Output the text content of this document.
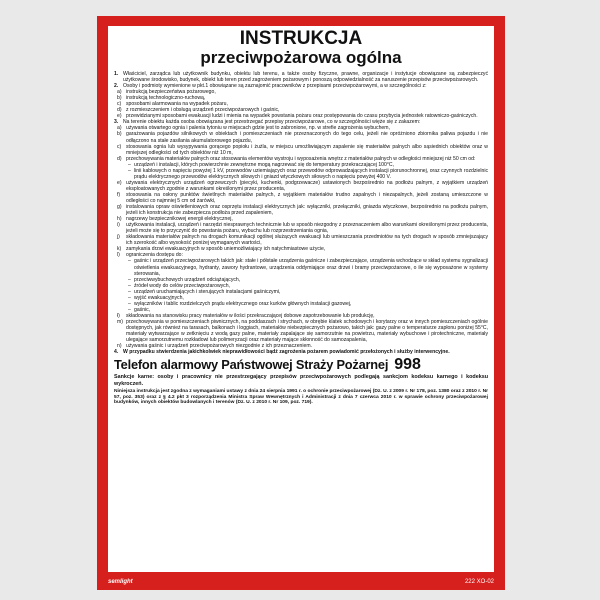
INSTRUKCJA
przeciwpożarowa ogólna
1. Właściciel, zarządca lub użytkownik budynku, obiektu lub terenu, a także osoby fizyczne, prawne, organizacje i instytucje obowiązane są zabezpieczyć użytkowane środowisko, budynek, obiekt lub teren przed zagrożeniem pożarowym i ponoszą odpowiedzialność za naruszenie przepisów przeciwpożarowych.
2. Osoby i podmioty wymienione w pkt.1 obowiązane są zaznajomić pracowników z przepisami przeciwpożarowymi, a w szczególności z:
a) instrukcją bezpieczeństwa pożarowego,
b) instrukcją technologiczno-ruchową,
c) sposobami alarmowania na wypadek pożaru,
d) z rozmieszczeniem i obsługą urządzeń przeciwpożarowych i gaśnic,
e) przewidzianymi sposobami ewakuacji ludzi i mienia na wypadek powstania pożaru oraz postępowania do czasu przybycia jednostek ratowniczo-gaśniczych.
3. Na terenie obiektu każda osoba obowiązana jest przestrzegać przepisy przeciwpożarowe, co w szczególności więże się z zakazem:
a) używania otwartego ognia i palenia tytoniu w miejscach gdzie jest to zabronione, np. w strefie zagrożenia wybuchem,
b) garażowania pojazdów silnikowych w obiektach i pomieszczeniach nie przeznaczonych do tego celu, jeżeli nie opróżniono zbiornika paliwa pojazdu i nie odłączono na stałe zasilania akumulatorowego pojazdu,
c) stosowania ognia lub wysypywania gorącego popiołu i żużla, w miejscu umożliwiającym zapalenie się materiałów palnych albo sąsiednich obiektów oraz w mniejszej odległości od tych obiektów niż 10 m,
d) przechowywania materiałów palnych oraz stosowania elementów wystroju i wyposażenia wnętrz z materiałów palnych w odległości mniejszej niż 50 cm od:
– urządzeń i instalacji, których powierzchnie zewnętrzne mogą nagrzewać się do temperatury przekraczającej 100°C,
– linii kablowych o napięciu powyżej 1 kV, przewodów uziemiających oraz przewodów odprowadzających instalacji piorunochronnej, oraz czynnych rozdzielnic prądu elektrycznego przewodów elektrycznych siłowych i gniazd wtyczkowych siłowych o napięciu powyżej 400 V.
e) używania elektrycznych urządzeń ogrzewczych (piecyki, kuchenki, podgrzewacze) ustawionych bezpośrednio na podłożu palnym, z wyjątkiem urządzeń eksploatowanych zgodnie z warunkami określonymi przez producenta,
f)	stosowania na osłony punktów świetlnych materiałów palnych, z wyjątkiem materiałów trudno zapalnych i niezapalnych, jeżeli zostaną umieszczone w odległości co najmniej 5 cm od żarówki,
g) instalowania opraw oświetleniowych oraz osprzętu instalacji elektrycznych jak: wyłączniki, przełączniki, gniazda wtyczkowe, bezpośrednio na podłożu palnym, jeżeli ich konstrukcja nie zabezpiecza podłoża przed zapaleniem,
h) nagrzewy bezpiecznikowej energii elektrycznej,
i)	użytkowania instalacji, urządzeń i narzędzi niesprawnych technicznie lub w sposób niezgodny z przeznaczeniem albo warunkami określonymi przez producenta, jeżeli może się to przyczynić do powstania pożaru, wybuchu lub rozprzestrzeniania ognia,
j)	składowania materiałów palnych na drogach komunikacji ogólnej służących ewakuacji lub umieszczania przedmiotów na tych drogach w sposób zmniejszający ich szerokość albo wysokość poniżej wymaganych wartości,
k) zamykania drzwi ewakuacyjnych w sposób uniemożliwiający ich natychmiastowe użycie,
l)	ograniczenia dostępu do:
– gaśnic i urządzeń przeciwpożarowych takich jak: stałe i półstałe urządzenia gaśnicze i zabezpieczające, urządzenia wchodzące w skład systemu sygnalizacji oświetlenia ewakuacyjnego, hydranty, zawory hydrantowe, urządzenia oddymiające oraz drzwi i bramy przeciwpożarowe, o ile się wyposażone w systemy sterowania,
– przeciwwybuchowych urządzeń odciążających,
– źródeł wody do celów przeciwpożarowych,
– urządzeń uruchamiających i sterujących instalacjami gaśniczymi,
– wyjść ewakuacyjnych,
– wyłączników i tablic rozdzielczych prądu elektrycznego oraz kurków głównych instalacji gazowej,
– gaśnic,
ł)	składowania na stanowisku pracy materiałów w ilości przekraczającej dobowe zapotrzebowanie lub produkcję,
m) przechowywania w pomieszczeniach piwnicznych, na poddaszach i strychach, w obrębie klatek schodowych i korytarzy oraz w innych pomieszczeniach ogólnie dostępnych, jak również na tarasach, balkonach i loggiach, materiałów niebezpiecznych pożarowo, takich jak: gazy palne o temperaturze zapłonu poniżej 55°C, materiały wytwarzające w zetknięciu z wodą gazy palne, materiały zapalające się samorzutnie na powietrzu, materiały wybuchowe i pirotechniczne, materiały ulegające samorzutnemu rozkładowi lub polimeryzacji oraz materiały mające skłonność do samozapalenia,
n) używania gaśnic i urządzeń przeciwpożarowych niezgodnie z ich przeznaczeniem.
4. W przypadku stwierdzenia jakichkolwiek nieprawidłowości bądź zagrożenia pożarem powiadomić przełożonych i służby interwencyjne.
Telefon alarmowy Państwowej Straży Pożarnej 998
Sankcje karne: osoby i pracownicy nie przestrzegający przepisów przeciwpożarowych podlegają sankcjom kodeksu karnego i kodeksu wykroczeń.
Niniejsza instrukcja jest zgodna z wymaganiami ustawy z dnia 24 sierpnia 1991 r. o ochronie przeciwpożarowej (Dz. U. z 2009 r. Nr 178, poz. 1380 oraz z 2010 r. Nr 57, poz. 353) oraz z § 4.2 pkt 3 rozporządzenia Ministra Spraw Wewnętrznych i Administracji z dnia 7 czerwca 2010 r. w sprawie ochrony przeciwpożarowej budynków, innych obiektów budowlanych i terenów (Dz. U. z 2010 r. Nr 109, poz. 719).
semlight	222 XO-02
